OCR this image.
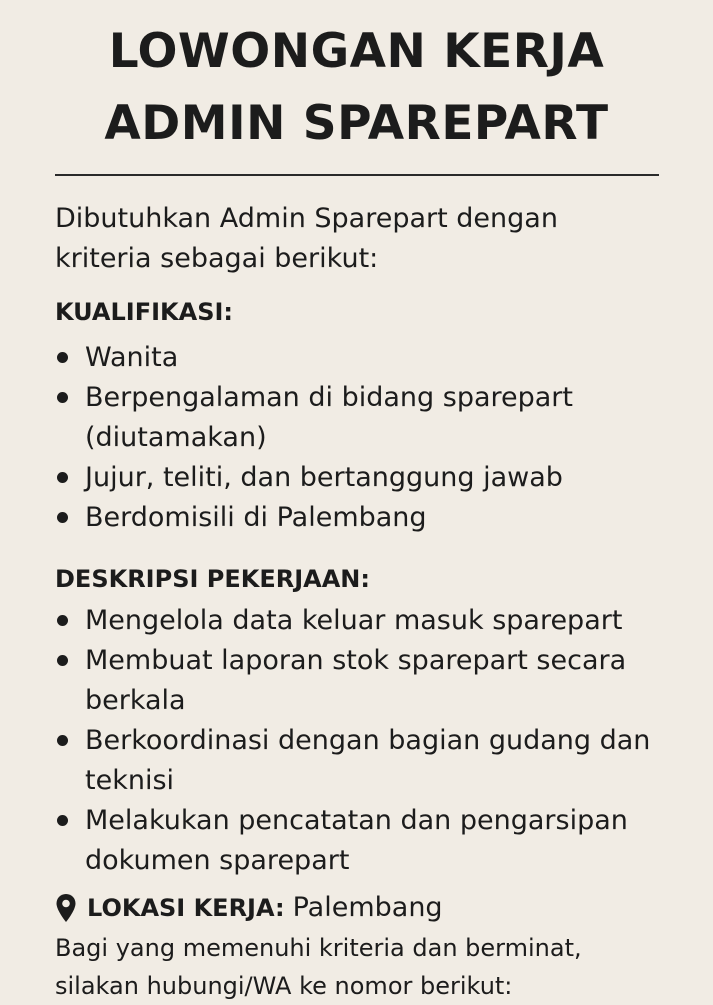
LOWONGAN KERJA
ADMIN SPAREPART
Dibutuhkan Admin Sparepart dengan
kriteria sebagai berikut:
KUALIFIKASI:
Wanita
Berpengalaman di bidang sparepart
(diutamakan)
Jujur, teliti, dan bertanggung jawab
Berdomisili di Palembang
DESKRIPSI PEKERJAAN:
Mengelola data keluar masuk sparepart
Membuat laporan stok sparepart secara
berkala
Berkoordinasi dengan bagian gudang dan
teknisi
Melakukan pencatatan dan pengarsipan
dokumen sparepart
LOKASI KERJA: Palembang
Bagi yang memenuhi kriteria dan berminat,
silakan hubungi/WA ke nomor berikut:
